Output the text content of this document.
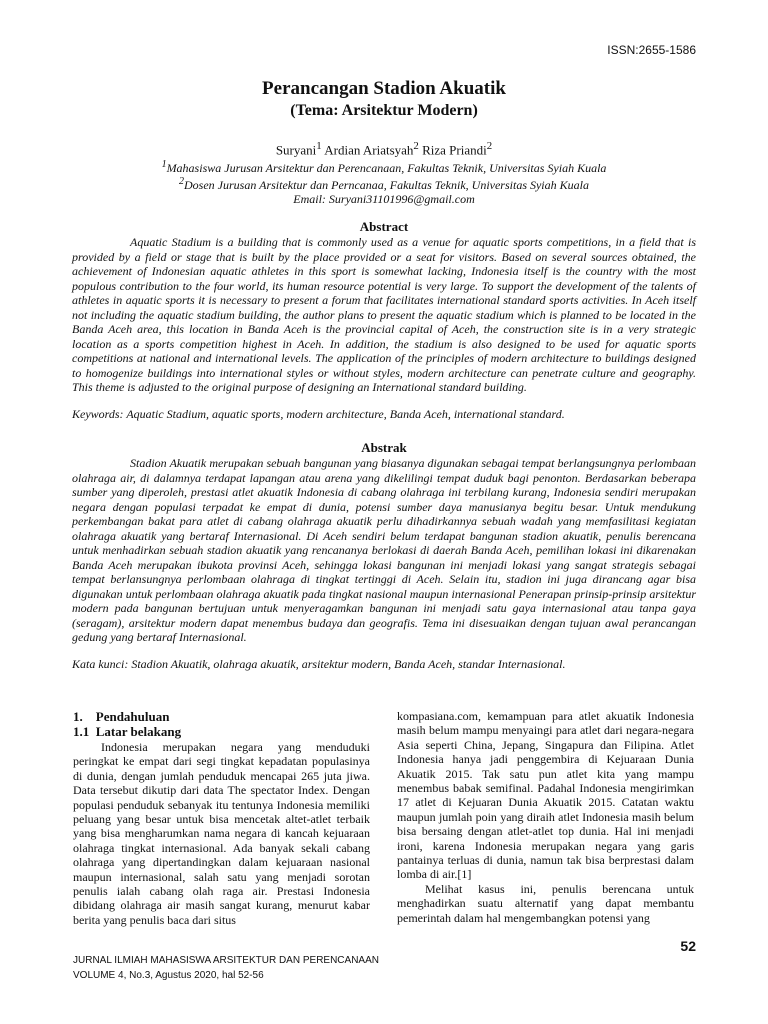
ISSN:2655-1586
Perancangan Stadion Akuatik
(Tema: Arsitektur Modern)
Suryani$^1$ Ardian Ariatsyah$^2$ Riza Priandi$^2$
$^1$Mahasiswa Jurusan Arsitektur dan Perencanaan, Fakultas Teknik, Universitas Syiah Kuala
$^2$Dosen Jurusan Arsitektur dan Perncanaa, Fakultas Teknik, Universitas Syiah Kuala
Email: Suryani31101996@gmail.com

Abstract

Aquatic Stadium is a building that is commonly used as a venue for aquatic sports competitions, in a field that is provided by a field or stage that is built by the place provided or a seat for visitors. Based on several sources obtained, the achievement of Indonesian aquatic athletes in this sport is somewhat lacking, Indonesia itself is the country with the most populous contribution to the four world, its human resource potential is very large. To support the development of the talents of athletes in aquatic sports it is necessary to present a forum that facilitates international standard sports activities. In Aceh itself not including the aquatic stadium building, the author plans to present the aquatic stadium which is planned to be located in the Banda Aceh area, this location in Banda Aceh is the provincial capital of Aceh, the construction site is in a very strategic location as a sports competition highest in Aceh. In addition, the stadium is also designed to be used for aquatic sports competitions at national and international levels. The application of the principles of modern architecture to buildings designed to homogenize buildings into international styles or without styles, modern architecture can penetrate culture and geography. This theme is adjusted to the original purpose of designing an International standard building.

Keywords: Aquatic Stadium, aquatic sports, modern architecture, Banda Aceh, international standard.

Abstrak

Stadion Akuatik merupakan sebuah bangunan yang biasanya digunakan sebagai tempat berlangsungnya perlombaan olahraga air, di dalamnya terdapat lapangan atau arena yang dikelilingi tempat duduk bagi penonton. Berdasarkan beberapa sumber yang diperoleh, prestasi atlet akuatik Indonesia di cabang olahraga ini terbilang kurang, Indonesia sendiri merupakan negara dengan populasi terpadat ke empat di dunia, potensi sumber daya manusianya begitu besar. Untuk mendukung perkembangan bakat para atlet di cabang olahraga akuatik perlu dihadirkannya sebuah wadah yang memfasilitasi kegiatan olahraga akuatik yang bertaraf Internasional. Di Aceh sendiri belum terdapat bangunan stadion akuatik, penulis berencana untuk menhadirkan sebuah stadion akuatik yang rencananya berlokasi di daerah Banda Aceh, pemilihan lokasi ini dikarenakan Banda Aceh merupakan ibukota provinsi Aceh, sehingga lokasi bangunan ini menjadi lokasi yang sangat strategis sebagai tempat berlansungnya perlombaan olahraga di tingkat tertinggi di Aceh. Selain itu, stadion ini juga dirancang agar bisa digunakan untuk perlombaan olahraga akuatik pada tingkat nasional maupun internasional Penerapan prinsip-prinsip arsitektur modern pada bangunan bertujuan untuk menyeragamkan bangunan ini menjadi satu gaya internasional atau tanpa gaya (seragam), arsitektur modern dapat menembus budaya dan geografis. Tema ini disesuaikan dengan tujuan awal perancangan gedung yang bertaraf Internasional.

Kata kunci: Stadion Akuatik, olahraga akuatik, arsitektur modern, Banda Aceh, standar Internasional.

1.    Pendahuluan

1.1  Latar belakang

Indonesia merupakan negara yang menduduki peringkat ke empat dari segi tingkat kepadatan populasinya di dunia, dengan jumlah penduduk mencapai 265 juta jiwa. Data tersebut dikutip dari data The spectator Index. Dengan populasi penduduk sebanyak itu tentunya Indonesia memiliki peluang yang besar untuk bisa mencetak altet-atlet terbaik yang bisa mengharumkan nama negara di kancah kejuaraan olahraga tingkat internasional. Ada banyak sekali cabang olahraga yang dipertandingkan dalam kejuaraan nasional maupun internasional, salah satu yang menjadi sorotan penulis ialah cabang olah raga air. Prestasi Indonesia dibidang olahraga air masih sangat kurang, menurut kabar berita yang penulis baca dari situs

kompasiana.com, kemampuan para atlet akuatik Indonesia masih belum mampu menyaingi para atlet dari negara-negara Asia seperti China, Jepang, Singapura dan Filipina. Atlet Indonesia hanya jadi penggembira di Kejuaraan Dunia Akuatik 2015. Tak satu pun atlet kita yang mampu menembus babak semifinal. Padahal Indonesia mengirimkan 17 atlet di Kejuaran Dunia Akuatik 2015. Catatan waktu maupun jumlah poin yang diraih atlet Indonesia masih belum bisa bersaing dengan atlet-atlet top dunia. Hal ini menjadi ironi, karena Indonesia merupakan negara yang garis pantainya terluas di dunia, namun tak bisa berprestasi dalam lomba di air.[1]

Melihat kasus ini, penulis berencana untuk menghadirkan suatu alternatif yang dapat membantu pemerintah dalam hal mengembangkan potensi yang

52
JURNAL ILMIAH MAHASISWA ARSITEKTUR DAN PERENCANAAN
VOLUME 4, No.3, Agustus 2020, hal 52-56
